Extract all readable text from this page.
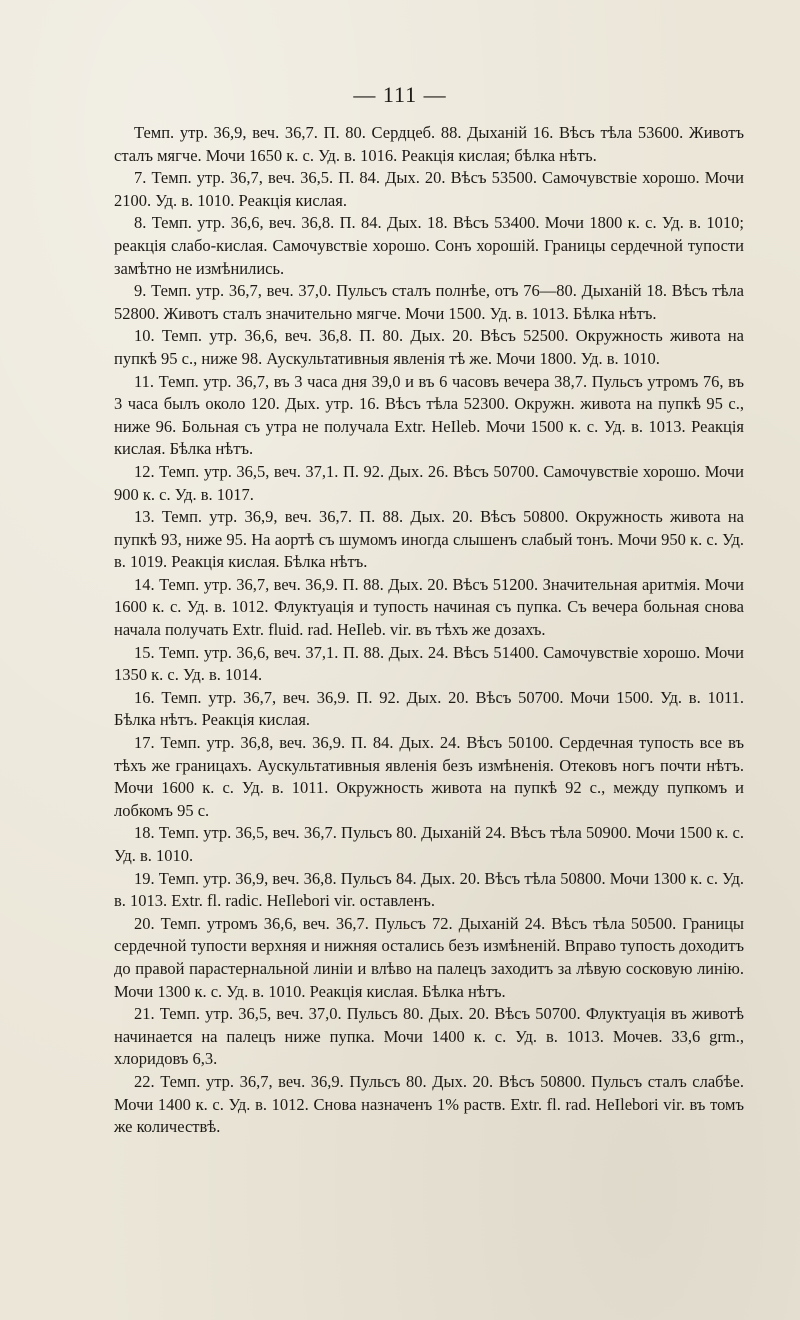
— 111 —

Темп. утр. 36,9, веч. 36,7. П. 80. Сердцеб. 88. Дыханій 16. Вѣсъ тѣла 53600. Животъ сталъ мягче. Мочи 1650 к. с. Уд. в. 1016. Реакція кислая; бѣлка нѣтъ.

7. Темп. утр. 36,7, веч. 36,5. П. 84. Дых. 20. Вѣсъ 53500. Самочувствіе хорошо. Мочи 2100. Уд. в. 1010. Реакція кислая.

8. Темп. утр. 36,6, веч. 36,8. П. 84. Дых. 18. Вѣсъ 53400. Мочи 1800 к. с. Уд. в. 1010; реакція слабо-кислая. Самочувствіе хорошо. Сонъ хорошій. Границы сердечной тупости замѣтно не измѣнились.

9. Темп. утр. 36,7, веч. 37,0. Пульсъ сталъ полнѣе, отъ 76—80. Дыханій 18. Вѣсъ тѣла 52800. Животъ сталъ значительно мягче. Мочи 1500. Уд. в. 1013. Бѣлка нѣтъ.

10. Темп. утр. 36,6, веч. 36,8. П. 80. Дых. 20. Вѣсъ 52500. Окружность живота на пупкѣ 95 с., ниже 98. Аускультативныя явленія тѣ же. Мочи 1800. Уд. в. 1010.

11. Темп. утр. 36,7, въ 3 часа дня 39,0 и въ 6 часовъ вечера 38,7. Пульсъ утромъ 76, въ 3 часа былъ около 120. Дых. утр. 16. Вѣсъ тѣла 52300. Окружн. живота на пупкѣ 95 с., ниже 96. Больная съ утра не получала Ехtr. HeIleb. Мочи 1500 к. с. Уд. в. 1013. Реакція кислая. Бѣлка нѣтъ.

12. Темп. утр. 36,5, веч. 37,1. П. 92. Дых. 26. Вѣсъ 50700. Самочувствіе хорошо. Мочи 900 к. с. Уд. в. 1017.

13. Темп. утр. 36,9, веч. 36,7. П. 88. Дых. 20. Вѣсъ 50800. Окружность живота на пупкѣ 93, ниже 95. На аортѣ съ шумомъ иногда слышенъ слабый тонъ. Мочи 950 к. с. Уд. в. 1019. Реакція кислая. Бѣлка нѣтъ.

14. Темп. утр. 36,7, веч. 36,9. П. 88. Дых. 20. Вѣсъ 51200. Значительная аритмія. Мочи 1600 к. с. Уд. в. 1012. Флуктуація и тупость начиная съ пупка. Съ вечера больная снова начала получать Extr. fluid. rad. HeIleb. vir. въ тѣхъ же дозахъ.

15. Темп. утр. 36,6, веч. 37,1. П. 88. Дых. 24. Вѣсъ 51400. Самочувствіе хорошо. Мочи 1350 к. с. Уд. в. 1014.

16. Темп. утр. 36,7, веч. 36,9. П. 92. Дых. 20. Вѣсъ 50700. Мочи 1500. Уд. в. 1011. Бѣлка нѣтъ. Реакція кислая.

17. Темп. утр. 36,8, веч. 36,9. П. 84. Дых. 24. Вѣсъ 50100. Сердечная тупость все въ тѣхъ же границахъ. Аускультативныя явленія безъ измѣненія. Отековъ ногъ почти нѣтъ. Мочи 1600 к. с. Уд. в. 1011. Окружность живота на пупкѣ 92 с., между пупкомъ и лобкомъ 95 с.

18. Темп. утр. 36,5, веч. 36,7. Пульсъ 80. Дыханій 24. Вѣсъ тѣла 50900. Мочи 1500 к. с. Уд. в. 1010.

19. Темп. утр. 36,9, веч. 36,8. Пульсъ 84. Дых. 20. Вѣсъ тѣла 50800. Мочи 1300 к. с. Уд. в. 1013. Extr. fl. radic. HeIlebori vir. оставленъ.

20. Темп. утромъ 36,6, веч. 36,7. Пульсъ 72. Дыханій 24. Вѣсъ тѣла 50500. Границы сердечной тупости верхняя и нижняя остались безъ измѣненій. Вправо тупость доходитъ до правой парастернальной линіи и влѣво на палецъ заходитъ за лѣвую сосковую линію. Мочи 1300 к. с. Уд. в. 1010. Реакція кислая. Бѣлка нѣтъ.

21. Темп. утр. 36,5, веч. 37,0. Пульсъ 80. Дых. 20. Вѣсъ 50700. Флуктуація въ животѣ начинается на палецъ ниже пупка. Мочи 1400 к. с. Уд. в. 1013. Мочев. 33,6 grm., хлоридовъ 6,3.

22. Темп. утр. 36,7, веч. 36,9. Пульсъ 80. Дых. 20. Вѣсъ 50800. Пульсъ сталъ слабѣе. Мочи 1400 к. с. Уд. в. 1012. Снова назначенъ 1% раств. Extr. fl. rad. HeIlebori vir. въ томъ же количествѣ.
